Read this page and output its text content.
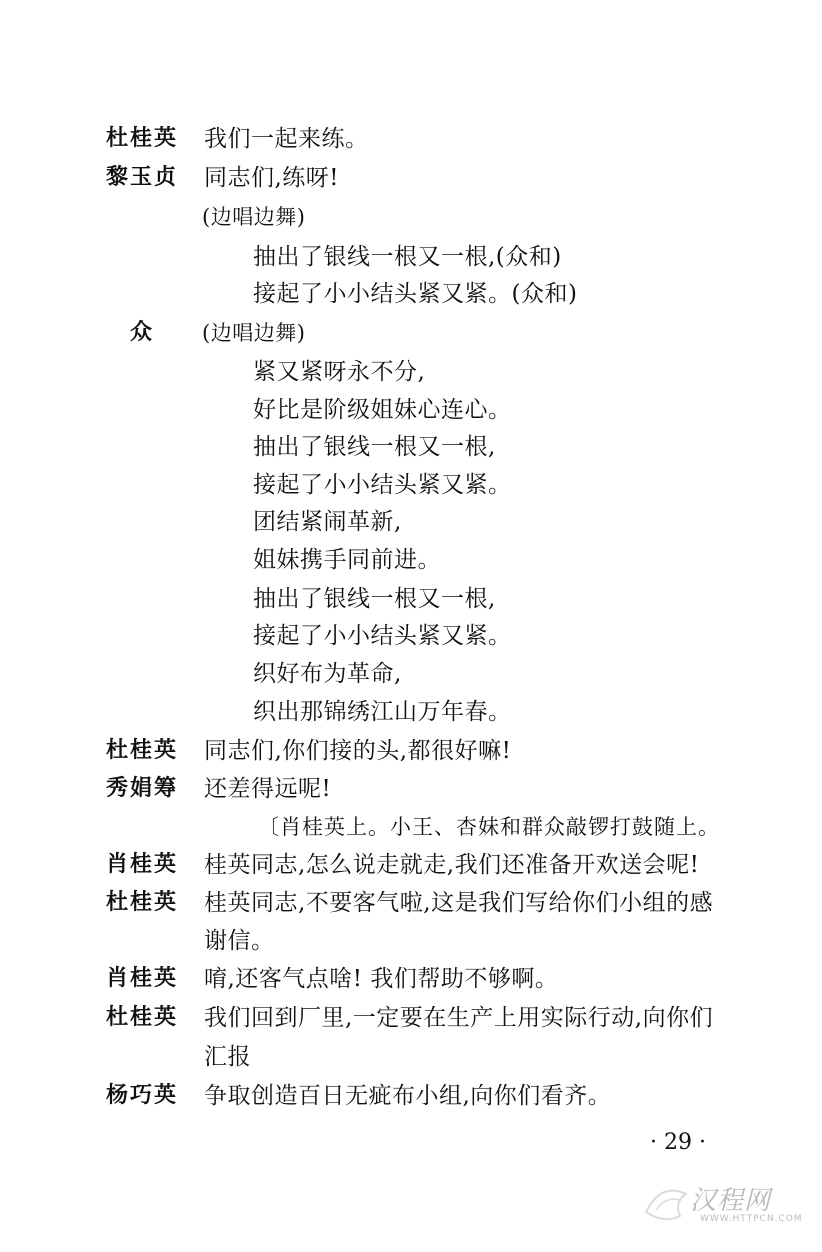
杜桂英 我们一起来练。
黎玉贞 同志们,练呀!
(边唱边舞)
抽出了银线一根又一根,(众和)
接起了小小结头紧又紧。(众和)
众 (边唱边舞)
紧又紧呀永不分,
好比是阶级姐妹心连心。
抽出了银线一根又一根,
接起了小小结头紧又紧。
团结紧闹革新,
姐妹携手同前进。
抽出了银线一根又一根,
接起了小小结头紧又紧。
织好布为革命,
织出那锦绣江山万年春。
杜桂英 同志们,你们接的头,都很好嘛!
秀娟筹 还差得远呢!
〔肖桂英上。小王、杏妹和群众敲锣打鼓随上。
肖桂英 桂英同志,怎么说走就走,我们还准备开欢送会呢!
杜桂英 桂英同志,不要客气啦,这是我们写给你们小组的感
谢信。
肖桂英 唷,还客气点啥! 我们帮助不够啊。
杜桂英 我们回到厂里,一定要在生产上用实际行动,向你们
汇报
杨巧英 争取创造百日无疵布小组,向你们看齐。
· 29 ·
汉程网
WWW.HTTPCN.COM
